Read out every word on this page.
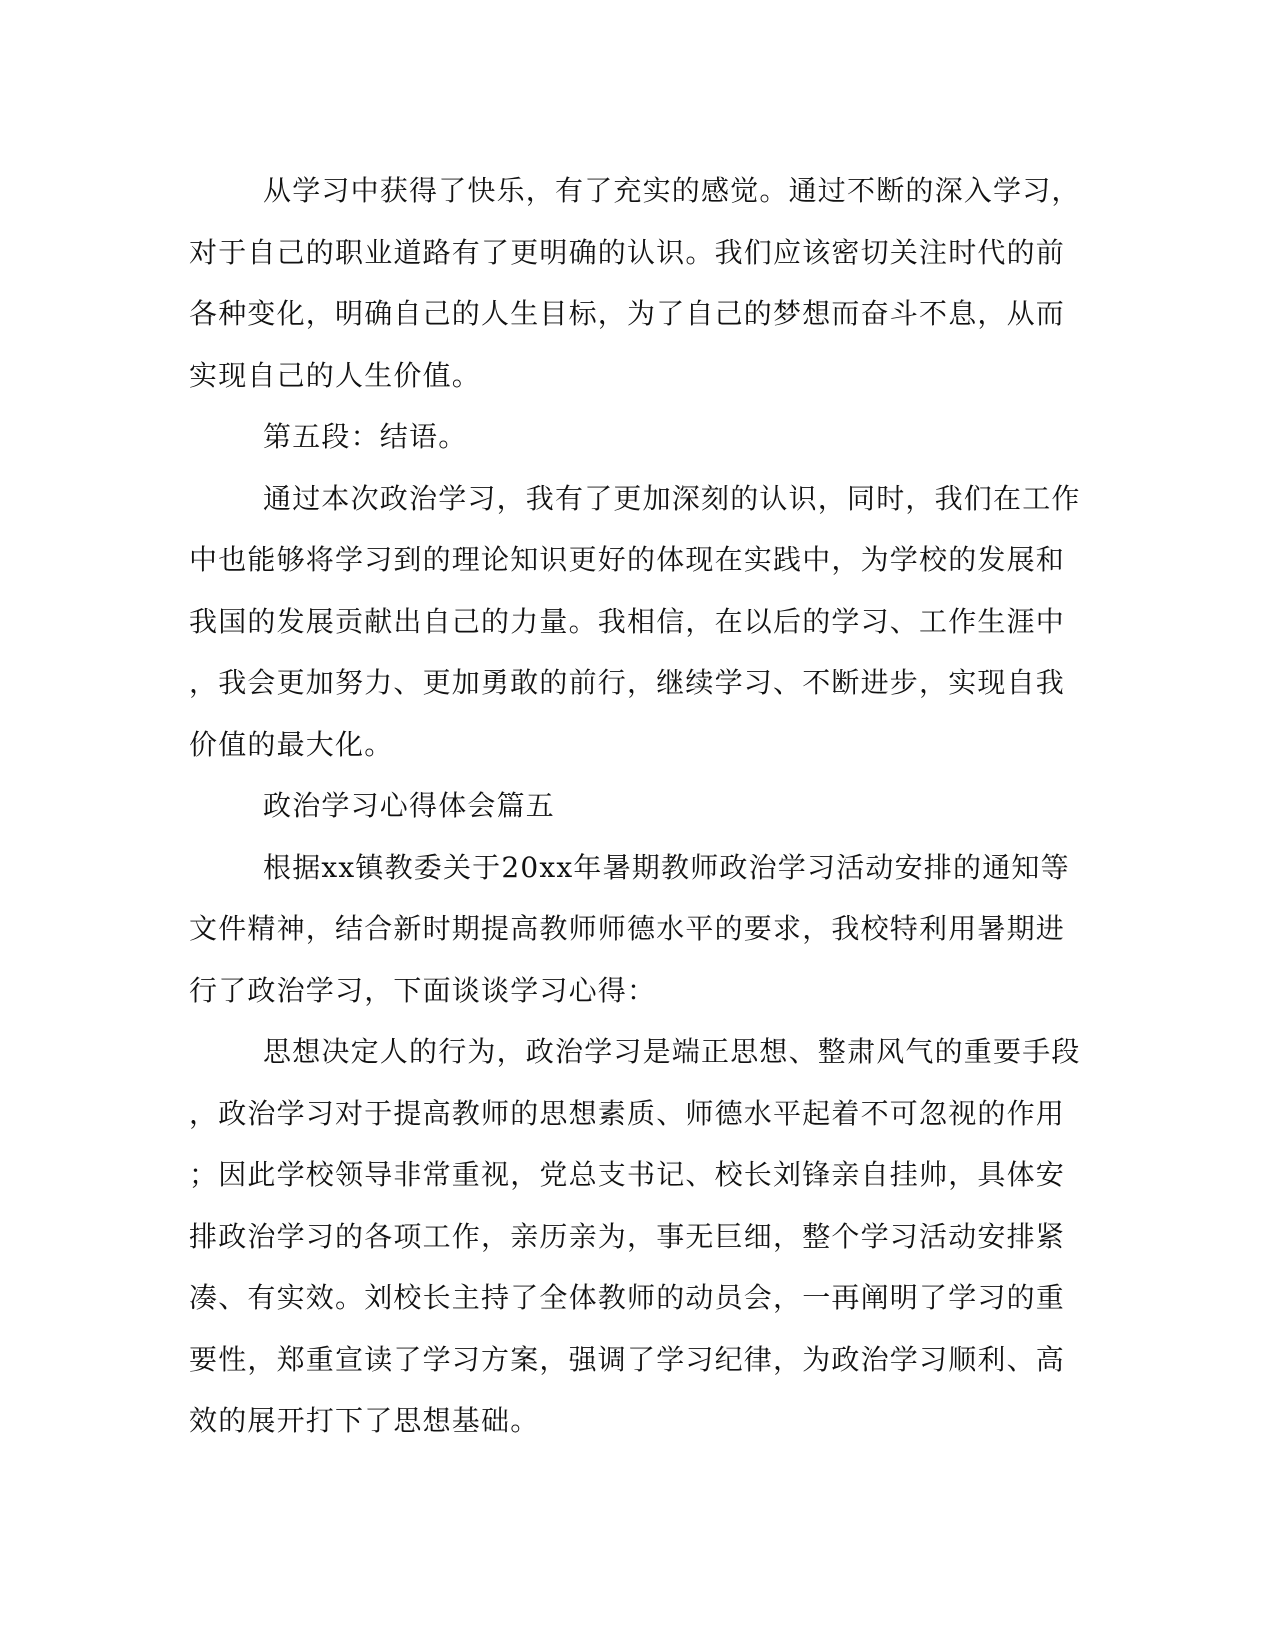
从学习中获得了快乐，有了充实的感觉。通过不断的深入学习，
对于自己的职业道路有了更明确的认识。我们应该密切关注时代的前
各种变化，明确自己的人生目标，为了自己的梦想而奋斗不息，从而
实现自己的人生价值。
第五段：结语。
通过本次政治学习，我有了更加深刻的认识，同时，我们在工作
中也能够将学习到的理论知识更好的体现在实践中，为学校的发展和
我国的发展贡献出自己的力量。我相信，在以后的学习、工作生涯中
，我会更加努力、更加勇敢的前行，继续学习、不断进步，实现自我
价值的最大化。
政治学习心得体会篇五
根据xx镇教委关于20xx年暑期教师政治学习活动安排的通知等
文件精神，结合新时期提高教师师德水平的要求，我校特利用暑期进
行了政治学习，下面谈谈学习心得：
思想决定人的行为，政治学习是端正思想、整肃风气的重要手段
，政治学习对于提高教师的思想素质、师德水平起着不可忽视的作用
；因此学校领导非常重视，党总支书记、校长刘锋亲自挂帅，具体安
排政治学习的各项工作，亲历亲为，事无巨细，整个学习活动安排紧
凑、有实效。刘校长主持了全体教师的动员会，一再阐明了学习的重
要性，郑重宣读了学习方案，强调了学习纪律，为政治学习顺利、高
效的展开打下了思想基础。
